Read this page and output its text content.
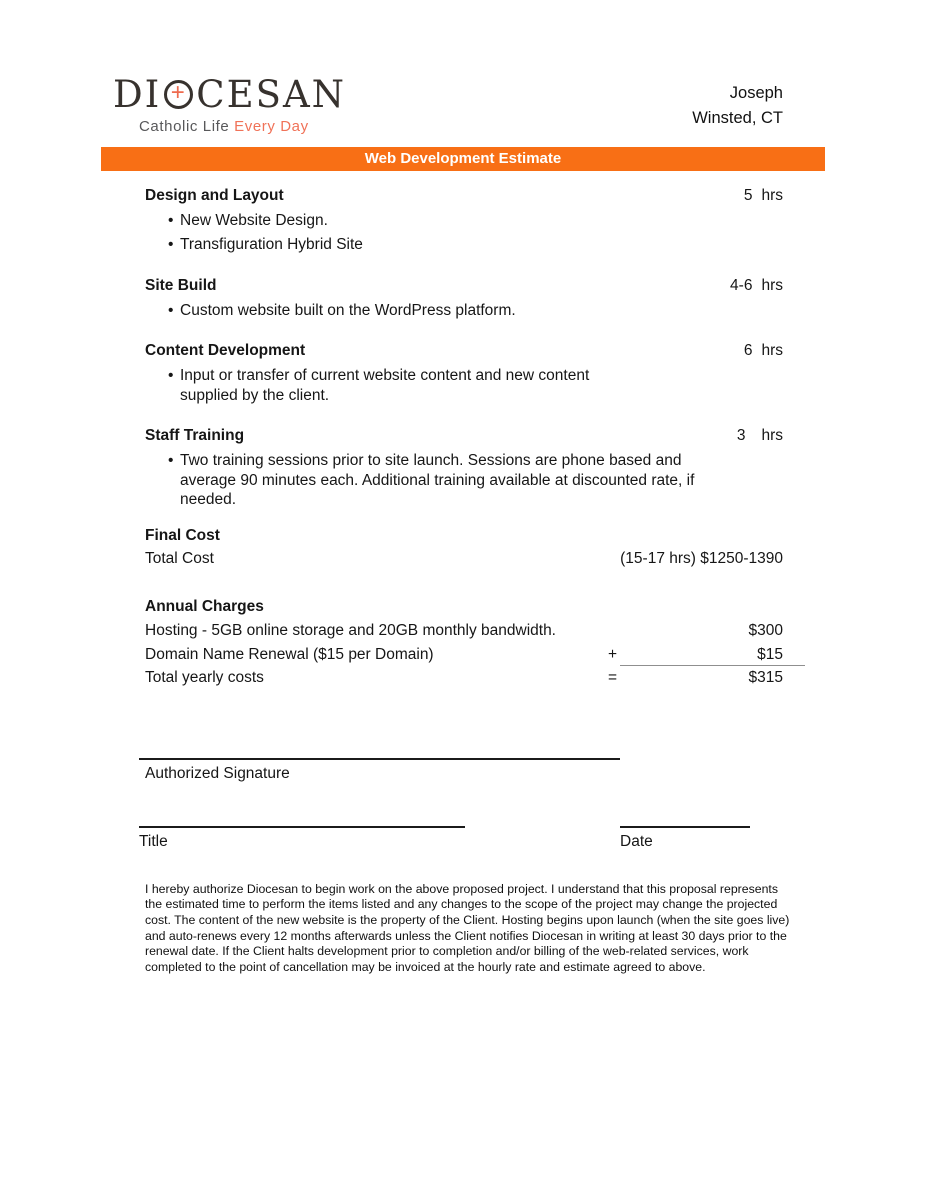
DI + CESAN
Catholic Life Every Day
Joseph
Winsted, CT
Web Development Estimate
Design and Layout	5 hrs
• New Website Design.
• Transfiguration Hybrid Site
Site Build	4-6 hrs
• Custom website built on the WordPress platform.
Content Development	6 hrs
• Input or transfer of current website content and new content
supplied by the client.
Staff Training	3 hrs
• Two training sessions prior to site launch. Sessions are phone based and
average 90 minutes each. Additional training available at discounted rate, if
needed.
Final Cost
Total Cost	(15-17 hrs) $1250-1390
Annual Charges
Hosting - 5GB online storage and 20GB monthly bandwidth.	$300
Domain Name Renewal ($15 per Domain)	+	$15
Total yearly costs	=	$315
Authorized Signature
Title	Date

I hereby authorize Diocesan to begin work on the above proposed project. I understand that this proposal represents the estimated time to perform the items listed and any changes to the scope of the project may change the projected cost. The content of the new website is the property of the Client. Hosting begins upon launch (when the site goes live) and auto-renews every 12 months afterwards unless the Client notifies Diocesan in writing at least 30 days prior to the renewal date. If the Client halts development prior to completion and/or billing of the web-related services, work completed to the point of cancellation may be invoiced at the hourly rate and estimate agreed to above.
